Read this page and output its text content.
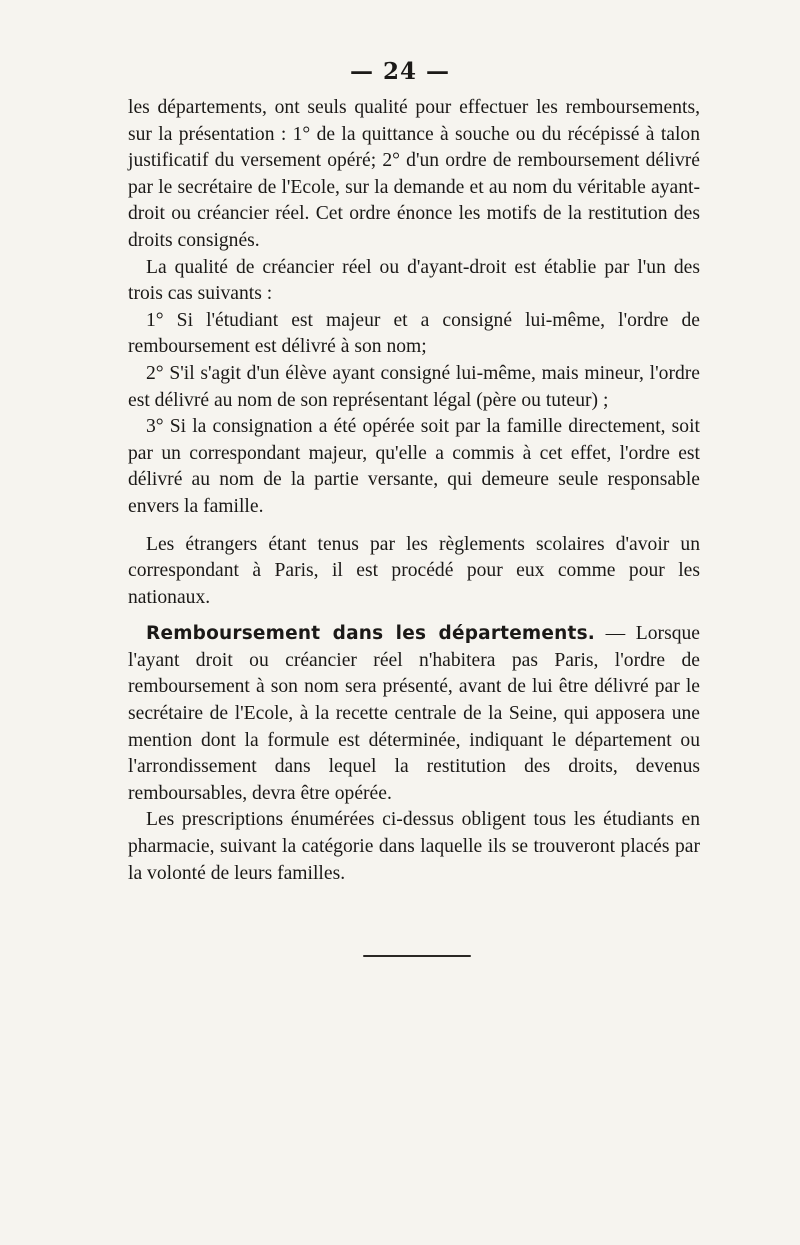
— 24 —

les départements, ont seuls qualité pour effectuer les remboursements, sur la présentation : 1° de la quittance à souche ou du récépissé à talon justificatif du versement opéré; 2° d'un ordre de remboursement délivré par le secrétaire de l'Ecole, sur la demande et au nom du véritable ayant-droit ou créancier réel. Cet ordre énonce les motifs de la restitution des droits consignés.

La qualité de créancier réel ou d'ayant-droit est établie par l'un des trois cas suivants :

1° Si l'étudiant est majeur et a consigné lui-même, l'ordre de remboursement est délivré à son nom;

2° S'il s'agit d'un élève ayant consigné lui-même, mais mineur, l'ordre est délivré au nom de son représentant légal (père ou tuteur) ;

3° Si la consignation a été opérée soit par la famille directement, soit par un correspondant majeur, qu'elle a commis à cet effet, l'ordre est délivré au nom de la partie versante, qui demeure seule responsable envers la famille.

Les étrangers étant tenus par les règlements scolaires d'avoir un correspondant à Paris, il est procédé pour eux comme pour les nationaux.

Remboursement dans les départements. — Lorsque l'ayant droit ou créancier réel n'habitera pas Paris, l'ordre de remboursement à son nom sera présenté, avant de lui être délivré par le secrétaire de l'Ecole, à la recette centrale de la Seine, qui apposera une mention dont la formule est déterminée, indiquant le département ou l'arrondissement dans lequel la restitution des droits, devenus remboursables, devra être opérée.

Les prescriptions énumérées ci-dessus obligent tous les étudiants en pharmacie, suivant la catégorie dans laquelle ils se trouveront placés par la volonté de leurs familles.
